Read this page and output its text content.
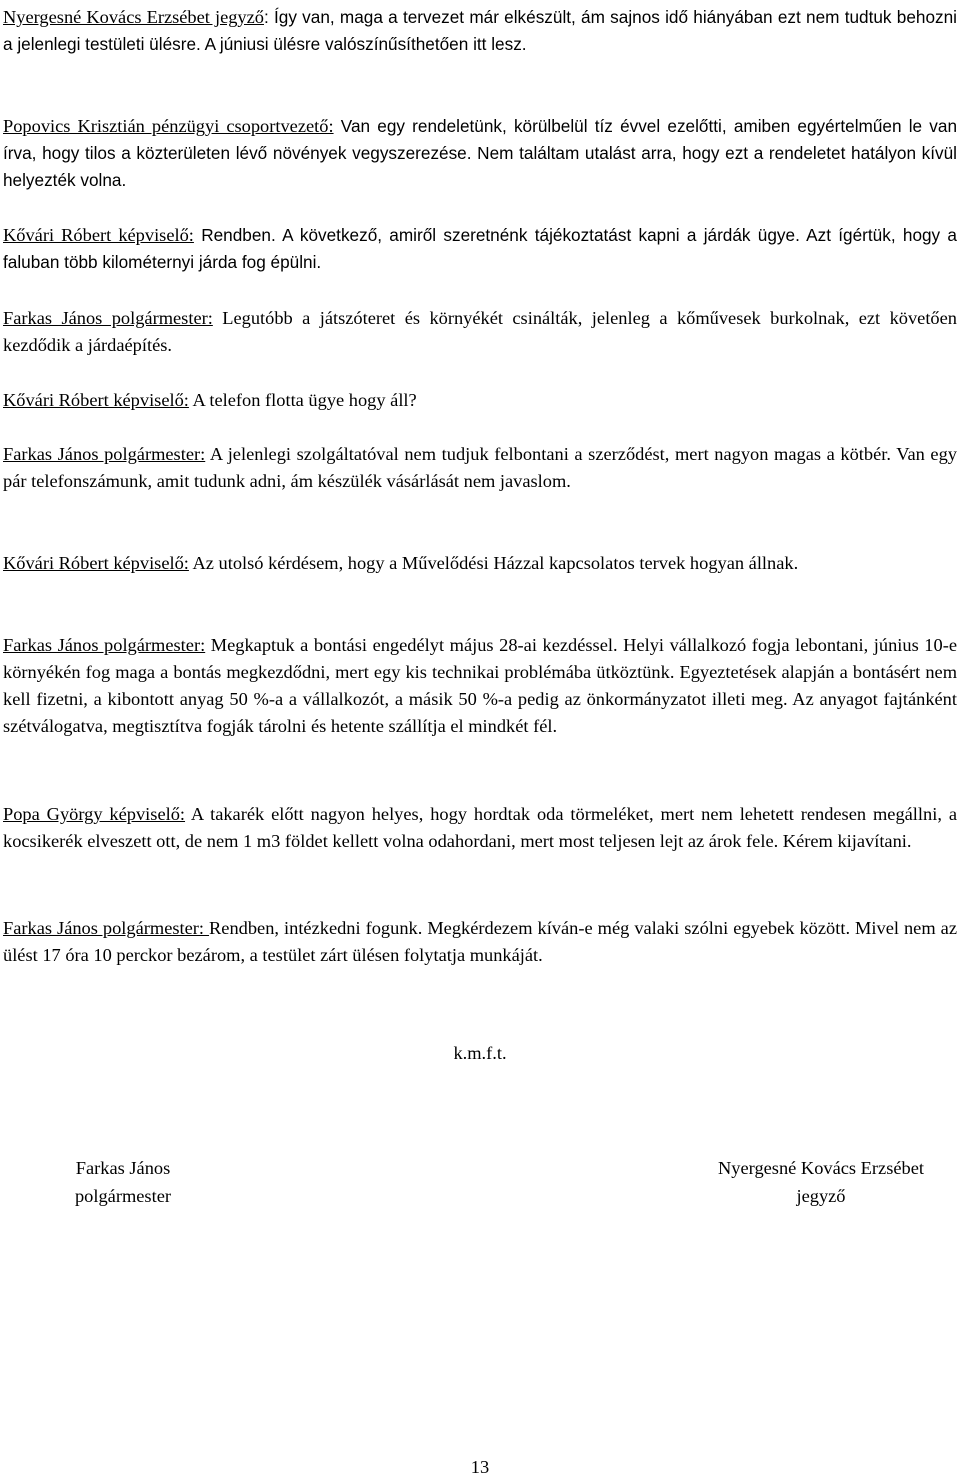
Nyergesné Kovács Erzsébet jegyző: Így van, maga a tervezet már elkészült, ám sajnos idő hiányában ezt nem tudtuk behozni a jelenlegi testületi ülésre. A júniusi ülésre valószínűsíthetően itt lesz.

Popovics Krisztián pénzügyi csoportvezető: Van egy rendeletünk, körülbelül tíz évvel ezelőtti, amiben egyértelműen le van írva, hogy tilos a közterületen lévő növények vegyszerezése. Nem találtam utalást arra, hogy ezt a rendeletet hatályon kívül helyezték volna.

Kővári Róbert képviselő: Rendben. A következő, amiről szeretnénk tájékoztatást kapni a járdák ügye. Azt ígértük, hogy a faluban több kilométernyi járda fog épülni.

Farkas János polgármester: Legutóbb a játszóteret és környékét csinálták, jelenleg a kőművesek burkolnak, ezt követően kezdődik a járdaépítés.

Kővári Róbert képviselő: A telefon flotta ügye hogy áll?

Farkas János polgármester: A jelenlegi szolgáltatóval nem tudjuk felbontani a szerződést, mert nagyon magas a kötbér. Van egy pár telefonszámunk, amit tudunk adni, ám készülék vásárlását nem javaslom.

Kővári Róbert képviselő: Az utolsó kérdésem, hogy a Művelődési Házzal kapcsolatos tervek hogyan állnak.

Farkas János polgármester: Megkaptuk a bontási engedélyt május 28-ai kezdéssel. Helyi vállalkozó fogja lebontani, június 10-e környékén fog maga a bontás megkezdődni, mert egy kis technikai problémába ütköztünk. Egyeztetések alapján a bontásért nem kell fizetni, a kibontott anyag 50 %-a a vállalkozót, a másik 50 %-a pedig az önkormányzatot illeti meg. Az anyagot fajtánként szétválogatva, megtisztítva fogják tárolni és hetente szállítja el mindkét fél.

Popa György képviselő: A takarék előtt nagyon helyes, hogy hordtak oda törmeléket, mert nem lehetett rendesen megállni, a kocsikerék elveszett ott, de nem 1 m3 földet kellett volna odahordani, mert most teljesen lejt az árok fele. Kérem kijavítani.

Farkas János polgármester: Rendben, intézkedni fogunk. Megkérdezem kíván-e még valaki szólni egyebek között. Mivel nem az ülést 17 óra 10 perckor bezárom, a testület zárt ülésen folytatja munkáját.

k.m.f.t.
Farkas János
polgármester
Nyergesné Kovács Erzsébet
jegyző
13
